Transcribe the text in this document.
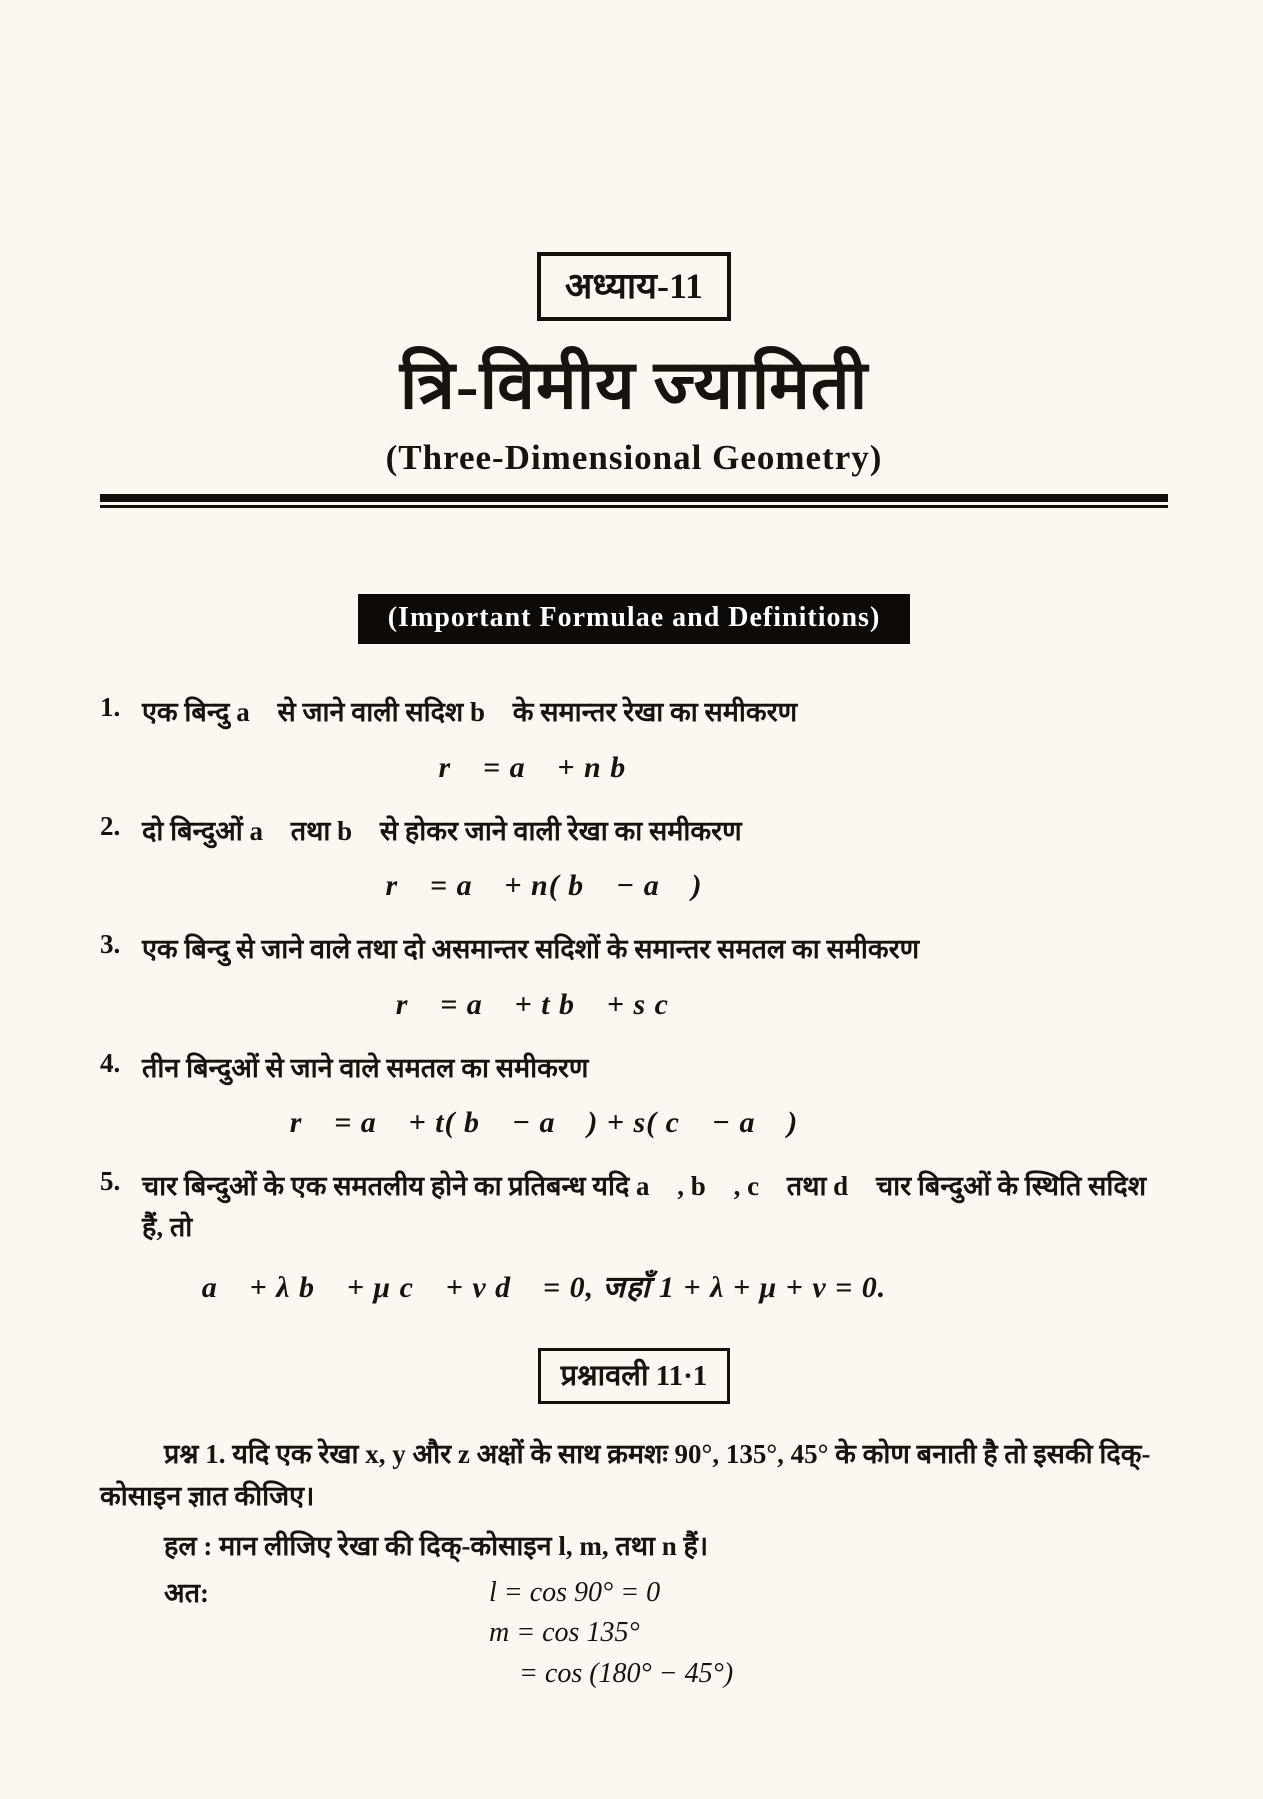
अध्याय-11
त्रि-विमीय ज्यामिती
(Three-Dimensional Geometry)
(Important Formulae and Definitions)
1. एक बिन्दु a⃗ से जाने वाली सदिश b⃗ के समान्तर रेखा का समीकरण
r⃗ = a⃗ + n b⃗
2. दो बिन्दुओं a⃗ तथा b⃗ से होकर जाने वाली रेखा का समीकरण
r⃗ = a⃗ + n( b⃗ − a⃗ )
3. एक बिन्दु से जाने वाले तथा दो असमान्तर सदिशों के समान्तर समतल का समीकरण
r⃗ = a⃗ + t b⃗ + s c⃗
4. तीन बिन्दुओं से जाने वाले समतल का समीकरण
r⃗ = a⃗ + t( b⃗ − a⃗ ) + s( c⃗ − a⃗ )
5. चार बिन्दुओं के एक समतलीय होने का प्रतिबन्ध यदि a⃗ , b⃗ , c⃗ तथा d⃗ चार बिन्दुओं के स्थिति सदिश हैं, तो
a⃗ + λ b⃗ + μ c⃗ + ν d⃗ = 0, जहाँ 1 + λ + μ + ν = 0.
प्रश्नावली 11·1

प्रश्न 1. यदि एक रेखा x, y और z अक्षों के साथ क्रमशः 90°, 135°, 45° के कोण बनाती है तो इसकी दिक्-कोसाइन ज्ञात कीजिए।

हल : मान लीजिए रेखा की दिक्-कोसाइन l, m, तथा n हैं।

अत:	l = cos 90° = 0
m = cos 135°
= cos (180° − 45°)
